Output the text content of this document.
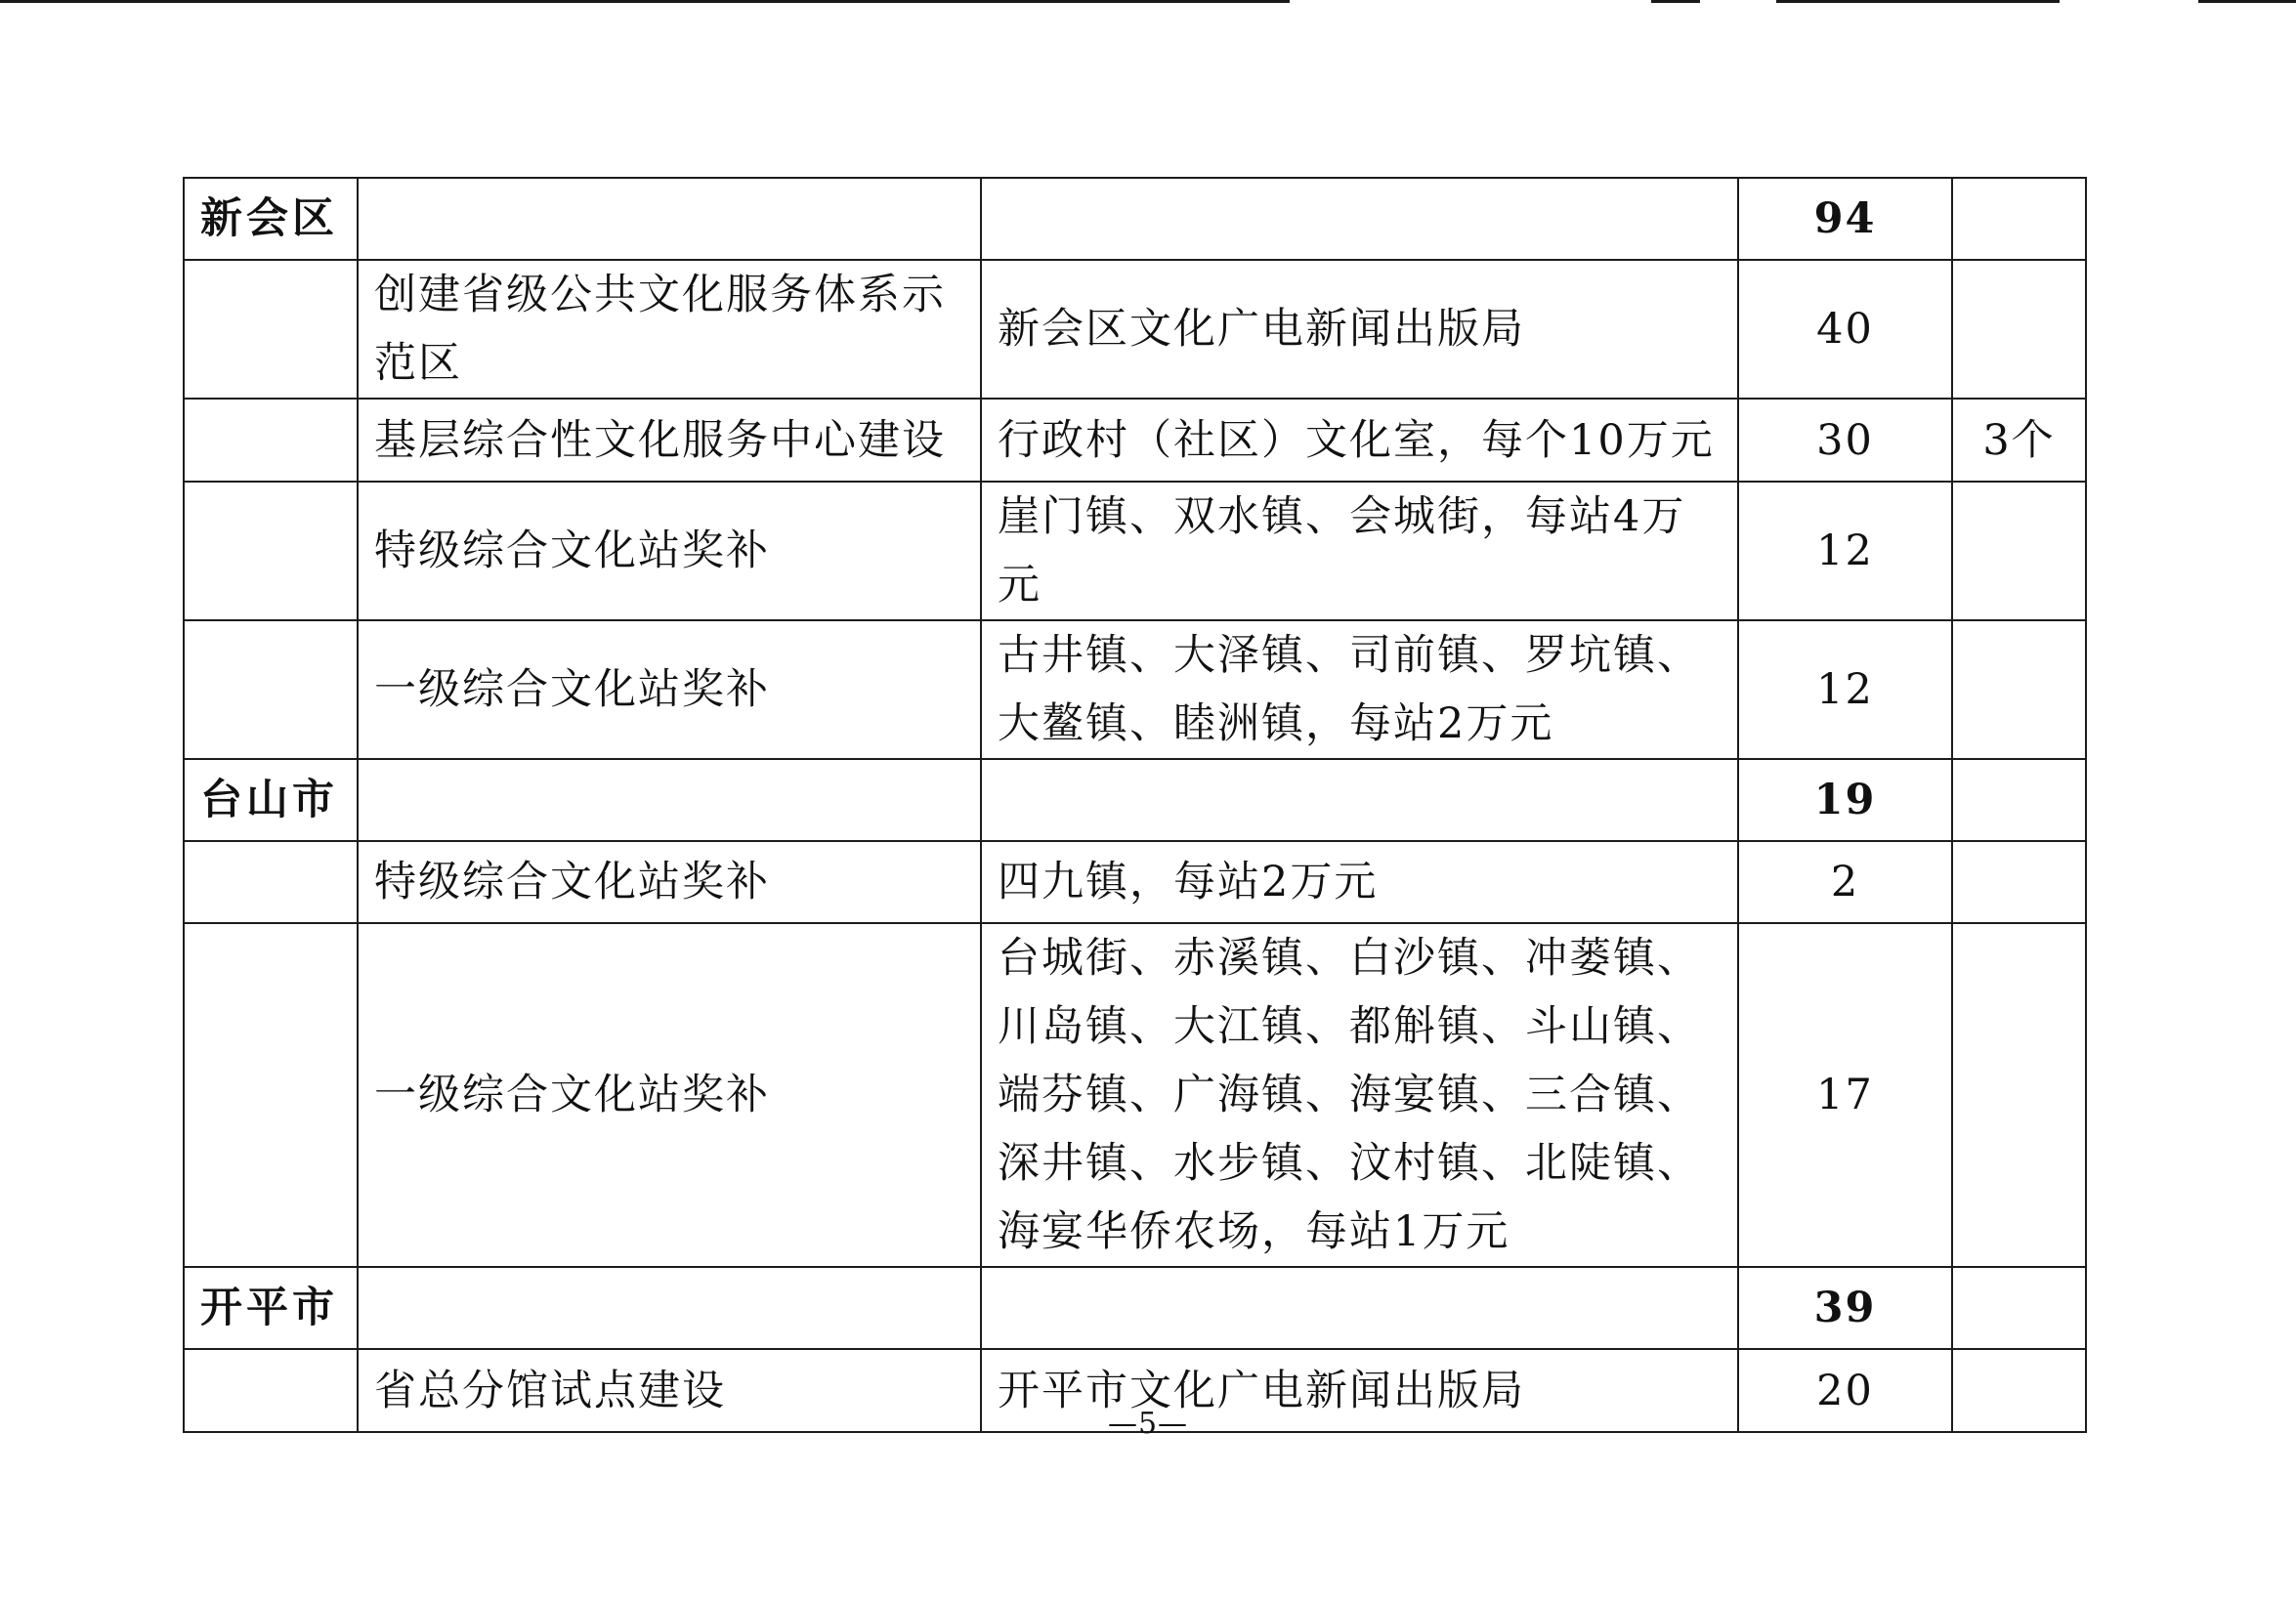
新会区			94	
	创建省级公共文化服务体系示范区	新会区文化广电新闻出版局	40	
	基层综合性文化服务中心建设	行政村（社区）文化室，每个10万元	30	3个
	特级综合文化站奖补	崖门镇、双水镇、会城街，每站4万元	12	
	一级综合文化站奖补	古井镇、大泽镇、司前镇、罗坑镇、大鳌镇、睦洲镇，每站2万元	12	
台山市			19	
	特级综合文化站奖补	四九镇，每站2万元	2	
	一级综合文化站奖补	台城街、赤溪镇、白沙镇、冲蒌镇、川岛镇、大江镇、都斛镇、斗山镇、端芬镇、广海镇、海宴镇、三合镇、深井镇、水步镇、汶村镇、北陡镇、海宴华侨农场，每站1万元	17	
开平市			39	
	省总分馆试点建设	开平市文化广电新闻出版局	20	
—5—
